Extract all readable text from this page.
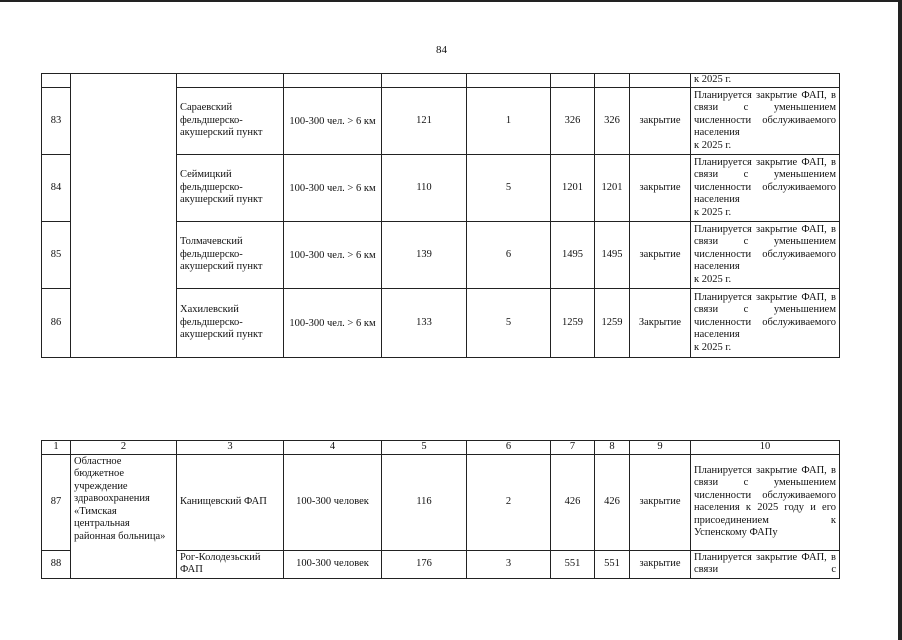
84
									к 2025 г.
83		Сараевский фельдшерско-акушерский пункт	100-300 чел. > 6 км	121	1	326	326	закрытие	Планируется закрытие ФАП, в связи с уменьшением численности обслуживаемого населения
к 2025 г.

84		Сеймицкий фельдшерско-акушерский пункт	100-300 чел. > 6 км	110	5	1201	1201	закрытие	Планируется закрытие ФАП, в связи с уменьшением численности обслуживаемого населения
к 2025 г.

85		Толмачевский фельдшерско-акушерский пункт	100-300 чел. > 6 км	139	6	1495	1495	закрытие	Планируется закрытие ФАП, в связи с уменьшением численности обслуживаемого населения
к 2025 г.

86		Хахилевский фельдшерско-акушерский пункт	100-300 чел. > 6 км	133	5	1259	1259	Закрытие	Планируется закрытие ФАП, в связи с уменьшением численности обслуживаемого населения
к 2025 г.
1	2	3	4	5	6	7	8	9	10
87	Областное бюджетное учреждение здравоохранения «Тимская центральная районная больница»	Канищевский ФАП	100-300 человек	116	2	426	426	закрытие	Планируется закрытие ФАП, в связи с уменьшением численности обслуживаемого населения к 2025 году и его присоединением к
Успенскому ФАПу

88		Рог-Колодезьский ФАП	100-300 человек	176	3	551	551	закрытие	Планируется закрытие ФАП, в связи с
